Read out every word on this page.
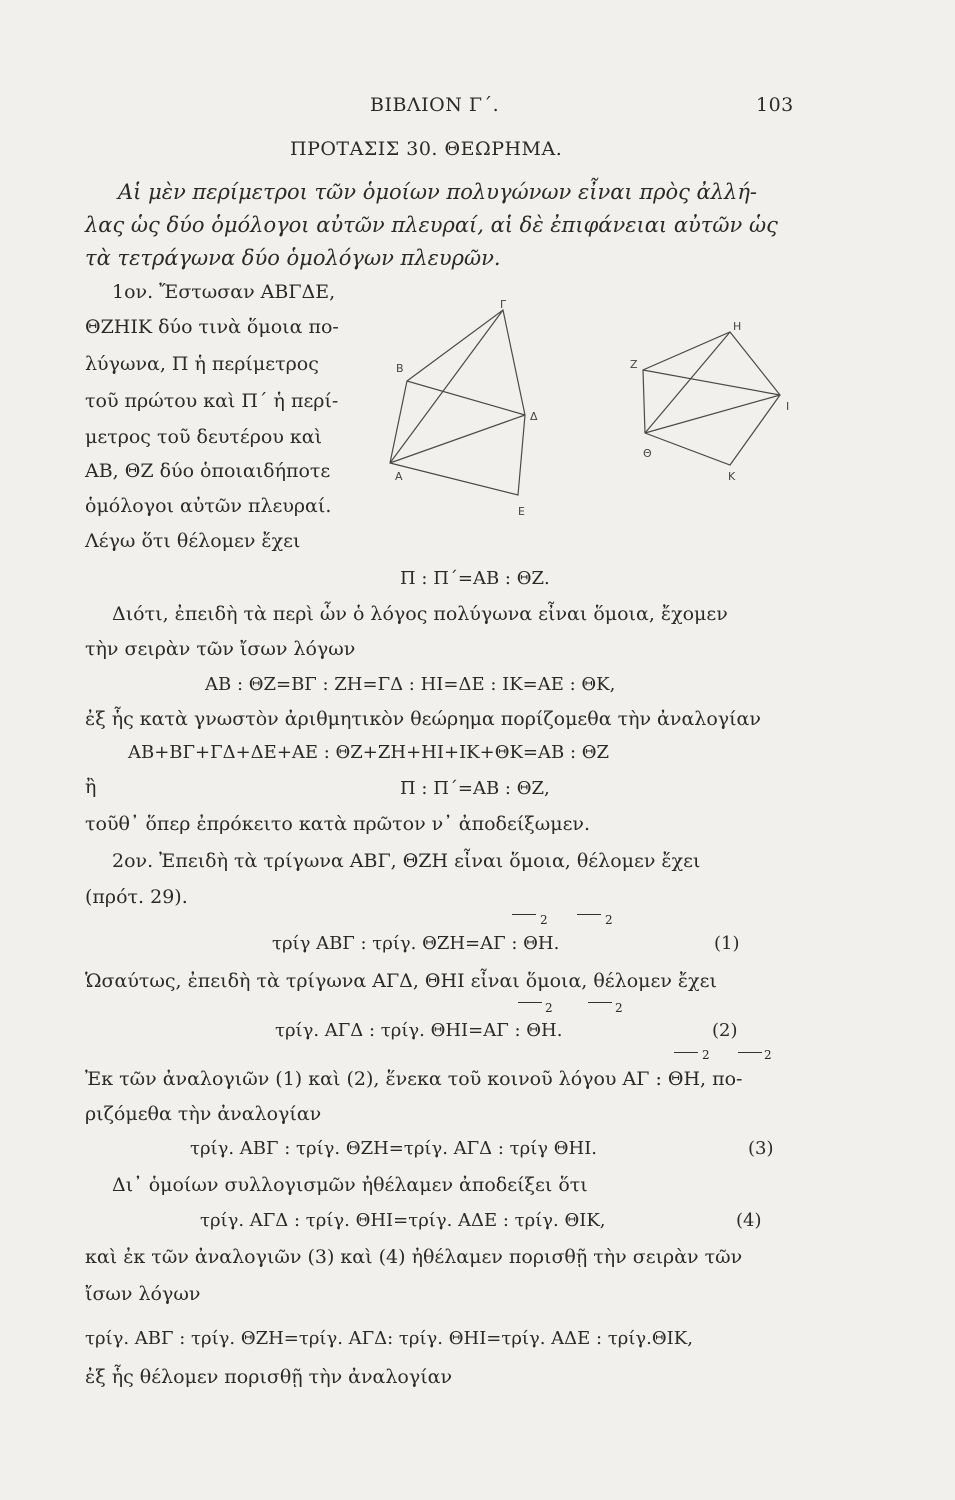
ΒΙΒΛΙΟΝ Γ΄.	103
ΠΡΟΤΑΣΙΣ 30. ΘΕΩΡΗΜΑ.
Αἱ μὲν περίμετροι τῶν ὁμοίων πολυγώνων εἶναι πρὸς ἀλλή-
λας ὡς δύο ὁμόλογοι αὐτῶν πλευραί, αἱ δὲ ἐπιφάνειαι αὐτῶν ὡς
τὰ τετράγωνα δύο ὁμολόγων πλευρῶν.
1ον. Ἔστωσαν ΑΒΓΔΕ,
ΘΖΗΙΚ δύο τινὰ ὅμοια πο-
λύγωνα, Π ἡ περίμετρος
τοῦ πρώτου καὶ Π΄ ἡ περί-
μετρος τοῦ δευτέρου καὶ
ΑΒ, ΘΖ δύο ὁποιαιδήποτε
ὁμόλογοι αὐτῶν πλευραί.
Λέγω ὅτι θέλομεν ἔχει
Γ
Β
Δ
Α
Ε
Η
Ζ
Ι
Θ
Κ
Π : Π΄=ΑΒ : ΘΖ.
Διότι, ἐπειδὴ τὰ περὶ ὧν ὁ λόγος πολύγωνα εἶναι ὅμοια, ἔχομεν
τὴν σειρὰν τῶν ἴσων λόγων
ΑΒ : ΘΖ=ΒΓ : ΖΗ=ΓΔ : ΗΙ=ΔΕ : ΙΚ=ΑΕ : ΘΚ,
ἐξ ἧς κατὰ γνωστὸν ἀριθμητικὸν θεώρημα πορίζομεθα τὴν ἀναλογίαν
ΑΒ+ΒΓ+ΓΔ+ΔΕ+ΑΕ : ΘΖ+ΖΗ+ΗΙ+ΙΚ+ΘΚ=ΑΒ : ΘΖ
ἢ	Π : Π΄=ΑΒ : ΘΖ,
τοῦθ᾿ ὅπερ ἐπρόκειτο κατὰ πρῶτον ν᾿ ἀποδείξωμεν.
2ον. Ἐπειδὴ τὰ τρίγωνα ΑΒΓ, ΘΖΗ εἶναι ὅμοια, θέλομεν ἔχει
(πρότ. 29).
τρίγ ΑΒΓ : τρίγ. ΘΖΗ=ΑΓ : ΘΗ.
2	2
(1)
Ὡσαύτως, ἐπειδὴ τὰ τρίγωνα ΑΓΔ, ΘΗΙ εἶναι ὅμοια, θέλομεν ἔχει
τρίγ. ΑΓΔ : τρίγ. ΘΗΙ=ΑΓ : ΘΗ.
2	2
(2)
2	2
Ἐκ τῶν ἀναλογιῶν (1) καὶ (2), ἕνεκα τοῦ κοινοῦ λόγου ΑΓ : ΘΗ, πο-
ριζόμεθα τὴν ἀναλογίαν
τρίγ. ΑΒΓ : τρίγ. ΘΖΗ=τρίγ. ΑΓΔ : τρίγ ΘΗΙ.	(3)
Δι᾿ ὁμοίων συλλογισμῶν ἠθέλαμεν ἀποδείξει ὅτι
τρίγ. ΑΓΔ : τρίγ. ΘΗΙ=τρίγ. ΑΔΕ : τρίγ. ΘΙΚ,	(4)
καὶ ἐκ τῶν ἀναλογιῶν (3) καὶ (4) ἠθέλαμεν πορισθῇ τὴν σειρὰν τῶν
ἴσων λόγων
τρίγ. ΑΒΓ : τρίγ. ΘΖΗ=τρίγ. ΑΓΔ: τρίγ. ΘΗΙ=τρίγ. ΑΔΕ : τρίγ.ΘΙΚ,
ἐξ ἧς θέλομεν πορισθῇ τὴν ἀναλογίαν
